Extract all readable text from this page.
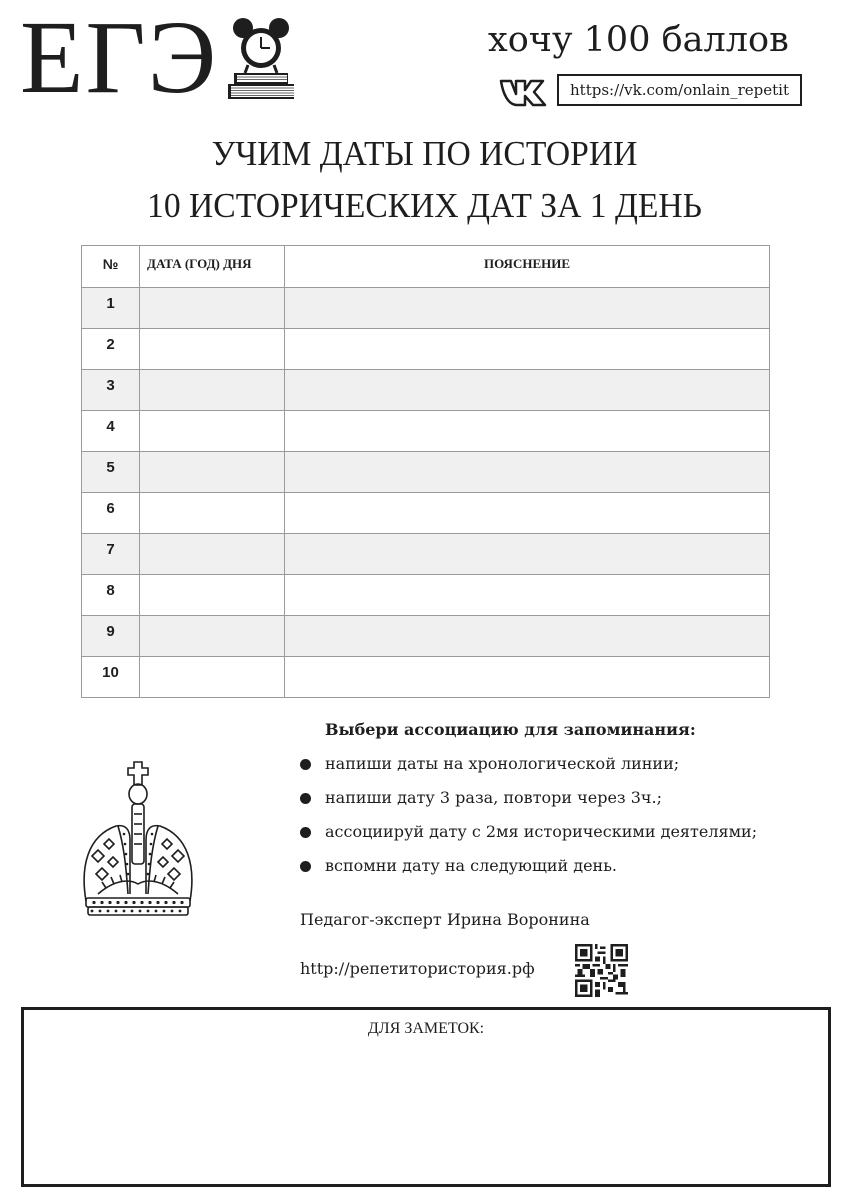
ЕГЭ	хочу 100 баллов
https://vk.com/onlain_repetit
УЧИМ ДАТЫ ПО ИСТОРИИ
10 ИСТОРИЧЕСКИХ ДАТ ЗА 1 ДЕНЬ
№	ДАТА (ГОД) ДНЯ	ПОЯСНЕНИЕ
1		
2		
3		
4		
5		
6		
7		
8		
9		
10		
Выбери ассоциацию для запоминания:
напиши даты на хронологической линии;
напиши дату 3 раза, повтори через 3ч.;
ассоциируй дату с 2мя историческими деятелями;
вспомни дату на следующий день.
Педагог-эксперт Ирина Воронина
http://репетитористория.рф
ДЛЯ ЗАМЕТОК:
